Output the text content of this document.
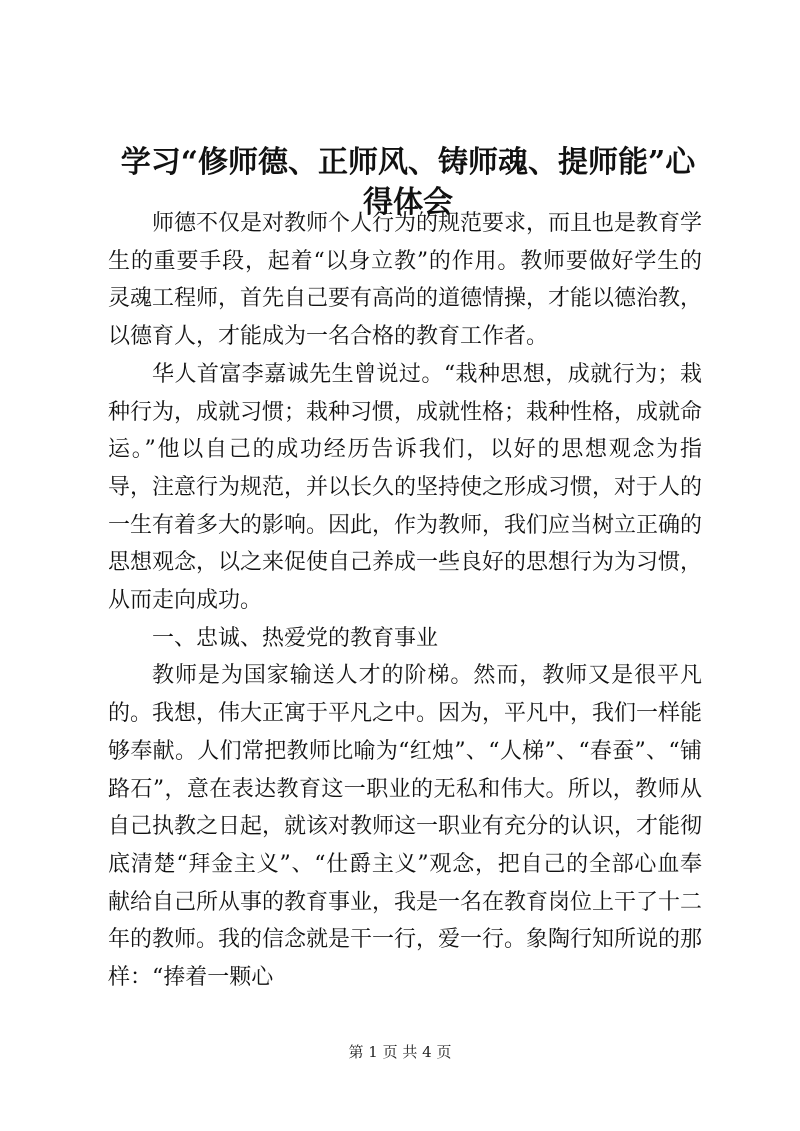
学习“修师德、正师风、铸师魂、提师能”心
得体会

师德不仅是对教师个人行为的规范要求，而且也是教育学生的重要手段，起着“以身立教”的作用。教师要做好学生的灵魂工程师，首先自己要有高尚的道德情操，才能以德治教，以德育人，才能成为一名合格的教育工作者。

华人首富李嘉诚先生曾说过。“栽种思想，成就行为；栽种行为，成就习惯；栽种习惯，成就性格；栽种性格，成就命运。”他以自己的成功经历告诉我们，以好的思想观念为指导，注意行为规范，并以长久的坚持使之形成习惯，对于人的一生有着多大的影响。因此，作为教师，我们应当树立正确的思想观念，以之来促使自己养成一些良好的思想行为为习惯，从而走向成功。

一、忠诚、热爱党的教育事业

教师是为国家输送人才的阶梯。然而，教师又是很平凡的。我想，伟大正寓于平凡之中。因为，平凡中，我们一样能够奉献。人们常把教师比喻为“红烛”、“人梯”、“春蚕”、“铺路石”，意在表达教育这一职业的无私和伟大。所以，教师从自己执教之日起，就该对教师这一职业有充分的认识，才能彻底清楚“拜金主义”、“仕爵主义”观念，把自己的全部心血奉献给自己所从事的教育事业，我是一名在教育岗位上干了十二年的教师。我的信念就是干一行，爱一行。象陶行知所说的那样：“捧着一颗心

第 1 页 共 4 页
